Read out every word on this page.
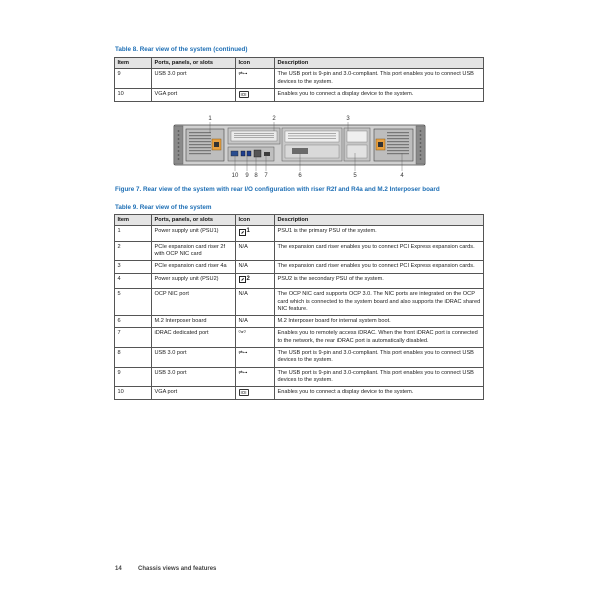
Table 8. Rear view of the system (continued)
Item	Ports, panels, or slots	Icon	Description
9	USB 3.0 port	⇌⊶	The USB port is 9-pin and 3.0-compliant. This port enables you to connect USB devices to the system.
10	VGA port	IOI	Enables you to connect a display device to the system.
1	2	3
10 9 8 7	6	5	4
Figure 7. Rear view of the system with rear I/O configuration with riser R2f and R4a and M.2 Interposer board
Table 9. Rear view of the system
Item	Ports, panels, or slots	Icon	Description
1	Power supply unit (PSU1)	1	PSU1 is the primary PSU of the system.
2	PCIe expansion card riser 2f with OCP NIC card	N/A	The expansion card riser enables you to connect PCI Express expansion cards.
3	PCIe expansion card riser 4a	N/A	The expansion card riser enables you to connect PCI Express expansion cards.
4	Power supply unit (PSU2)	2	PSU2 is the secondary PSU of the system.
5	OCP NIC port	N/A	The OCP NIC card supports OCP 3.0. The NIC ports are integrated on the OCP card which is connected to the system board and also supports the iDRAC shared NIC feature.
6	M.2 Interposer board	N/A	M.2 Interposer board for internal system boot.
7	iDRAC dedicated port	ᵒ∘ᵒ	Enables you to remotely access iDRAC. When the front iDRAC port is connected to the network, the rear iDRAC port is automatically disabled.
8	USB 3.0 port	⇌⊶	The USB port is 9-pin and 3.0-compliant. This port enables you to connect USB devices to the system.
9	USB 3.0 port	⇌⊶	The USB port is 9-pin and 3.0-compliant. This port enables you to connect USB devices to the system.
10	VGA port	IOI	Enables you to connect a display device to the system.
14	Chassis views and features
